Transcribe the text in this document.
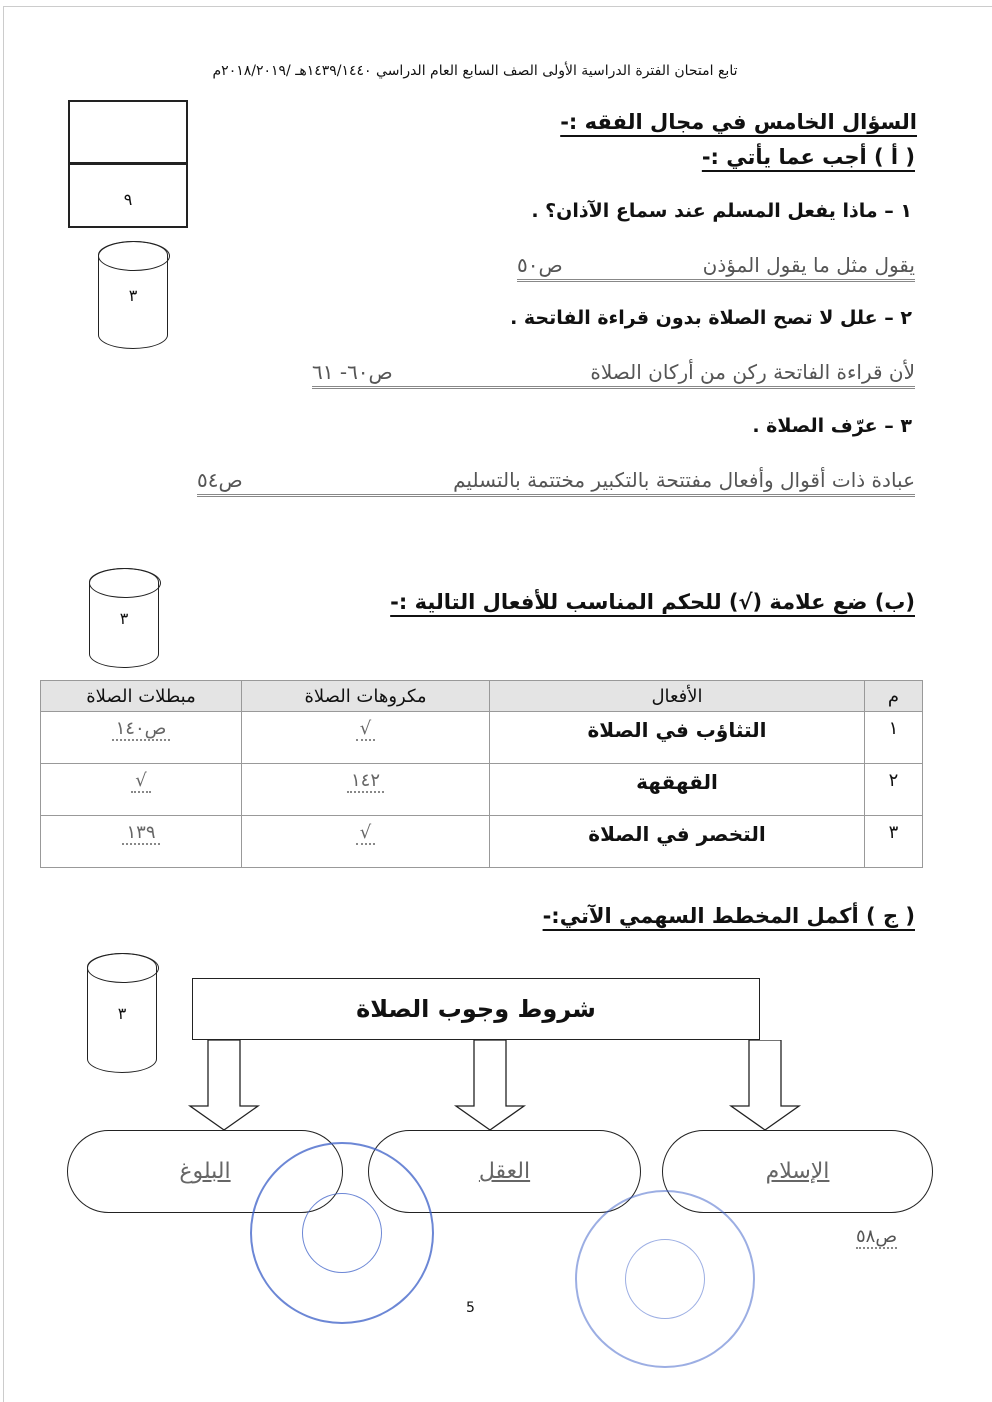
تابع امتحان الفترة الدراسية الأولى الصف السابع العام الدراسي ١٤٣٩/١٤٤٠هـ /٢٠١٨/٢٠١٩م
٩
السؤال الخامس في مجال الفقه :-
( أ ) أجب عما يأتي :-
٣
١ – ماذا يفعل المسلم عند سماع الآذان؟ .
يقول مثل ما يقول المؤذن
ص٥٠
٢ – علل لا تصح الصلاة بدون قراءة الفاتحة .
لأن قراءة الفاتحة ركن من أركان الصلاة
ص٦٠- ٦١
٣ – عرّف الصلاة .
عبادة ذات أقوال وأفعال مفتتحة بالتكبير مختتمة بالتسليم
ص٥٤
٣
(ب) ضع علامة (√) للحكم المناسب للأفعال التالية :-
م	الأفعال	مكروهات الصلاة	مبطلات الصلاة
١	التثاؤب في الصلاة	√	ص١٤٠
٢	القهقهة	١٤٢	√
٣	التخصر في الصلاة	√	١٣٩
( ج ) أكمل المخطط السهمي الآتي:-
٣	شروط وجوب الصلاة
الإسلام
العقل
البلوغ
ص٥٨
5
